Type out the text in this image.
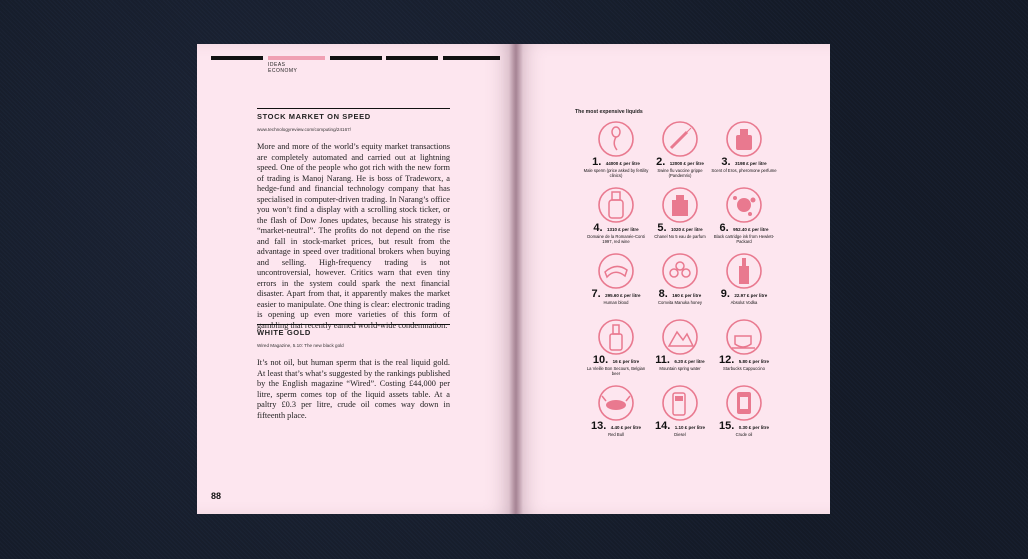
IDEAS
ECONOMY
STOCK MARKET ON SPEED
www.technologyreview.com/computing/24167/
More and more of the world’s equity market transactions are completely automated and carried out at lightning speed. One of the people who got rich with the new form of trading is Manoj Narang. He is boss of Tradeworx, a hedge-fund and financial technology company that has specialised in computer-driven trading. In Narang’s office you won’t find a display with a scrolling stock ticker, or the flash of Dow Jones updates, because his strategy is “market-neutral”. The profits do not depend on the rise and fall in stock-market prices, but result from the advantage in speed over traditional brokers when buying and selling. High-frequency trading is not uncontroversial, however. Critics warn that even tiny errors in the system could spark the next financial disaster. Apart from that, it apparently makes the market easier to manipulate. One thing is clear: electronic trading is opening up even more varieties of this form of gambling that recently earned world-wide condemnation.
WHITE GOLD
Wired Magazine, 5.10: The new black gold
It’s not oil, but human sperm that is the real liquid gold. At least that’s what’s suggested by the rankings published by the English magazine “Wired”. Costing £44,000 per litre, sperm comes top of the liquid assets table. At a paltry £0.3 per litre, crude oil comes way down in fifteenth place.
88
The most expensive liquids
1. 44000 £ per litre
Male sperm (price asked by fertility clinics)
2. 12000 £ per litre
Swine flu vaccine grippe (Pandemrix)
3. 3198 £ per litre
Scent of Eros, pheromone perfume
4. 1310 £ per litre
Domaine de la Romanée-Conti 1997, red wine
5. 1020 £ per litre
Chanel No 5 eau de parfum
6. 952.40 £ per litre
Black cartridge ink from Hewlett-Packard
7. 295.60 £ per litre
Human blood
8. 160 £ per litre
Comvita Manuka honey
9. 22.97 £ per litre
Absolut Vodka
10. 16 £ per litre
La Vieille Bon Secours, Belgian beer
11. 6.20 £ per litre
Mountain spring water
12. 5.80 £ per litre
Starbucks Cappuccino
13. 4.40 £ per litre
Red Bull
14. 1.10 £ per litre
Diesel
15. 0.30 £ per litre
Crude oil
